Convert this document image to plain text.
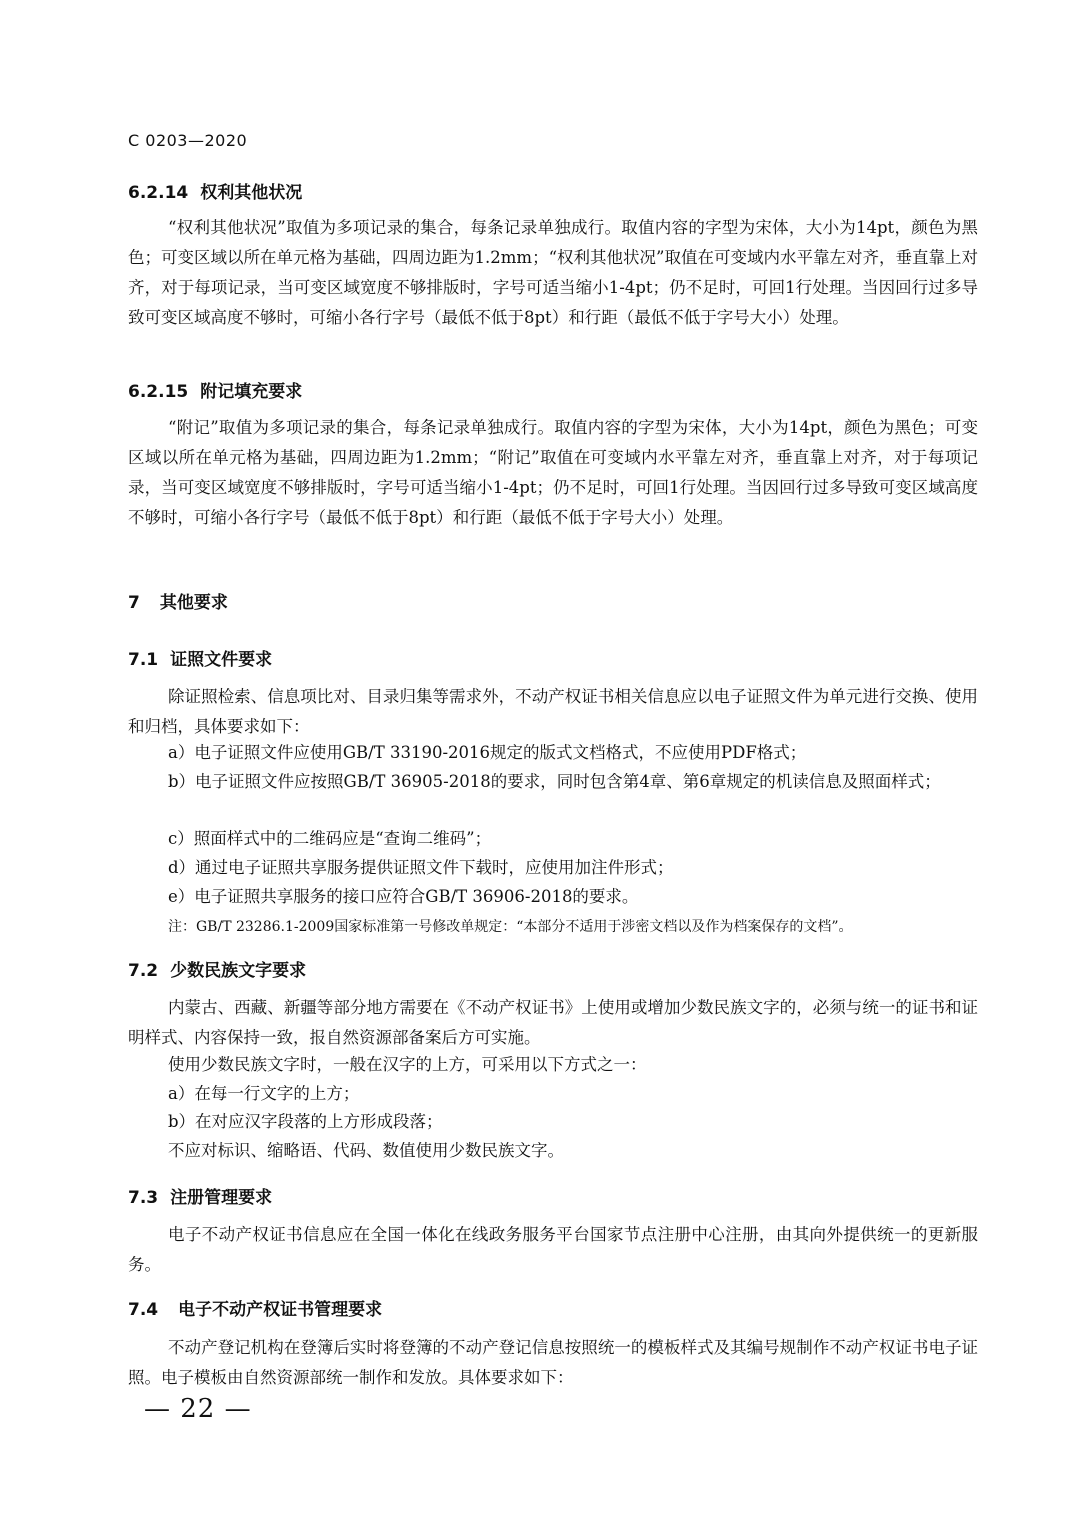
C 0203—2020
6.2.14 权利其他状况
“权利其他状况”取值为多项记录的集合，每条记录单独成行。取值内容的字型为宋体，大小为14pt，颜色为黑色；可变区域以所在单元格为基础，四周边距为1.2mm；“权利其他状况”取值在可变域内水平靠左对齐，垂直靠上对齐，对于每项记录，当可变区域宽度不够排版时，字号可适当缩小1-4pt；仍不足时，可回1行处理。当因回行过多导致可变区域高度不够时，可缩小各行字号（最低不低于8pt）和行距（最低不低于字号大小）处理。
6.2.15 附记填充要求
“附记”取值为多项记录的集合，每条记录单独成行。取值内容的字型为宋体，大小为14pt，颜色为黑色；可变区域以所在单元格为基础，四周边距为1.2mm；“附记”取值在可变域内水平靠左对齐，垂直靠上对齐，对于每项记录，当可变区域宽度不够排版时，字号可适当缩小1-4pt；仍不足时，可回1行处理。当因回行过多导致可变区域高度不够时，可缩小各行字号（最低不低于8pt）和行距（最低不低于字号大小）处理。
7 其他要求
7.1 证照文件要求
除证照检索、信息项比对、目录归集等需求外，不动产权证书相关信息应以电子证照文件为单元进行交换、使用和归档，具体要求如下：
a）电子证照文件应使用GB/T 33190-2016规定的版式文档格式，不应使用PDF格式；
b）电子证照文件应按照GB/T 36905-2018的要求，同时包含第4章、第6章规定的机读信息及照面样式；
c）照面样式中的二维码应是“查询二维码”；
d）通过电子证照共享服务提供证照文件下载时，应使用加注件形式；
e）电子证照共享服务的接口应符合GB/T 36906-2018的要求。
注：GB/T 23286.1-2009国家标准第一号修改单规定：“本部分不适用于涉密文档以及作为档案保存的文档”。
7.2 少数民族文字要求
内蒙古、西藏、新疆等部分地方需要在《不动产权证书》上使用或增加少数民族文字的，必须与统一的证书和证明样式、内容保持一致，报自然资源部备案后方可实施。
使用少数民族文字时，一般在汉字的上方，可采用以下方式之一：
a）在每一行文字的上方；
b）在对应汉字段落的上方形成段落；
不应对标识、缩略语、代码、数值使用少数民族文字。
7.3 注册管理要求
电子不动产权证书信息应在全国一体化在线政务服务平台国家节点注册中心注册，由其向外提供统一的更新服务。
7.4 电子不动产权证书管理要求
不动产登记机构在登簿后实时将登簿的不动产登记信息按照统一的模板样式及其编号规制作不动产权证书电子证照。电子模板由自然资源部统一制作和发放。具体要求如下：
— 22 —
